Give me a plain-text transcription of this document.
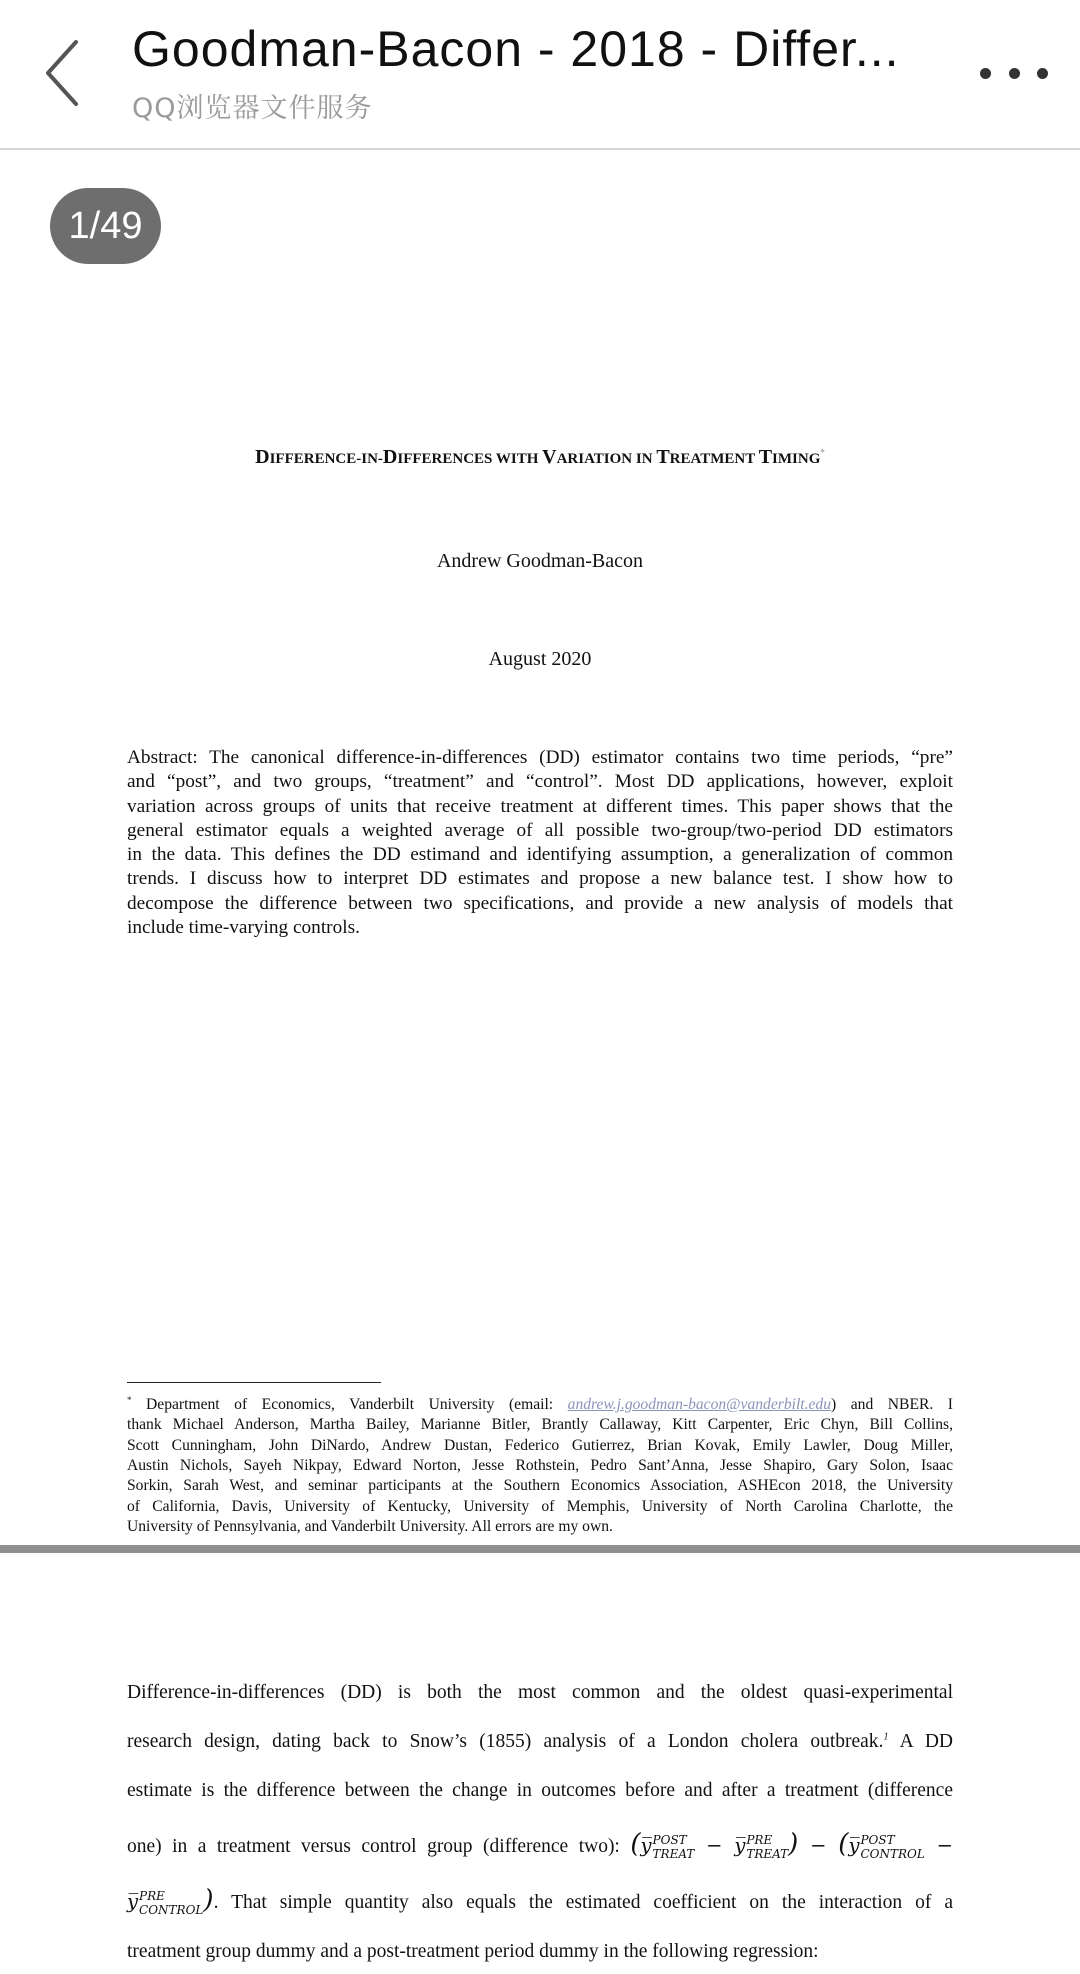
Goodman-Bacon - 2018 - Differ...
QQ浏览器文件服务
DIFFERENCE-IN-DIFFERENCES WITH VARIATION IN TREATMENT TIMING*
Andrew Goodman-Bacon
August 2020
Abstract: The canonical difference-in-differences (DD) estimator contains two time periods, “pre”
and “post”, and two groups, “treatment” and “control”. Most DD applications, however, exploit
variation across groups of units that receive treatment at different times. This paper shows that the
general estimator equals a weighted average of all possible two-group/two-period DD estimators
in the data. This defines the DD estimand and identifying assumption, a generalization of common
trends. I discuss how to interpret DD estimates and propose a new balance test. I show how to
decompose the difference between two specifications, and provide a new analysis of models that
include time-varying controls.
* Department of Economics, Vanderbilt University (email: andrew.j.goodman-bacon@vanderbilt.edu) and NBER. I
thank Michael Anderson, Martha Bailey, Marianne Bitler, Brantly Callaway, Kitt Carpenter, Eric Chyn, Bill Collins,
Scott Cunningham, John DiNardo, Andrew Dustan, Federico Gutierrez, Brian Kovak, Emily Lawler, Doug Miller,
Austin Nichols, Sayeh Nikpay, Edward Norton, Jesse Rothstein, Pedro Sant’Anna, Jesse Shapiro, Gary Solon, Isaac
Sorkin, Sarah West, and seminar participants at the Southern Economics Association, ASHEcon 2018, the University
of California, Davis, University of Kentucky, University of Memphis, University of North Carolina Charlotte, the
University of Pennsylvania, and Vanderbilt University. All errors are my own.
1/49
Difference-in-differences (DD) is both the most common and the oldest quasi-experimental
research design, dating back to Snow’s (1855) analysis of a London cholera outbreak.$^1$ A DD
estimate is the difference between the change in outcomes before and after a treatment (difference
one) in a treatment versus control group (difference two): (y̅ POST
TREAT − y̅ PRE
TREAT ) − (y̅ POST
CONTROL −
y̅ PRE
CONTROL ). That simple quantity also equals the estimated coefficient on the interaction of a
treatment group dummy and a post-treatment period dummy in the following regression:
